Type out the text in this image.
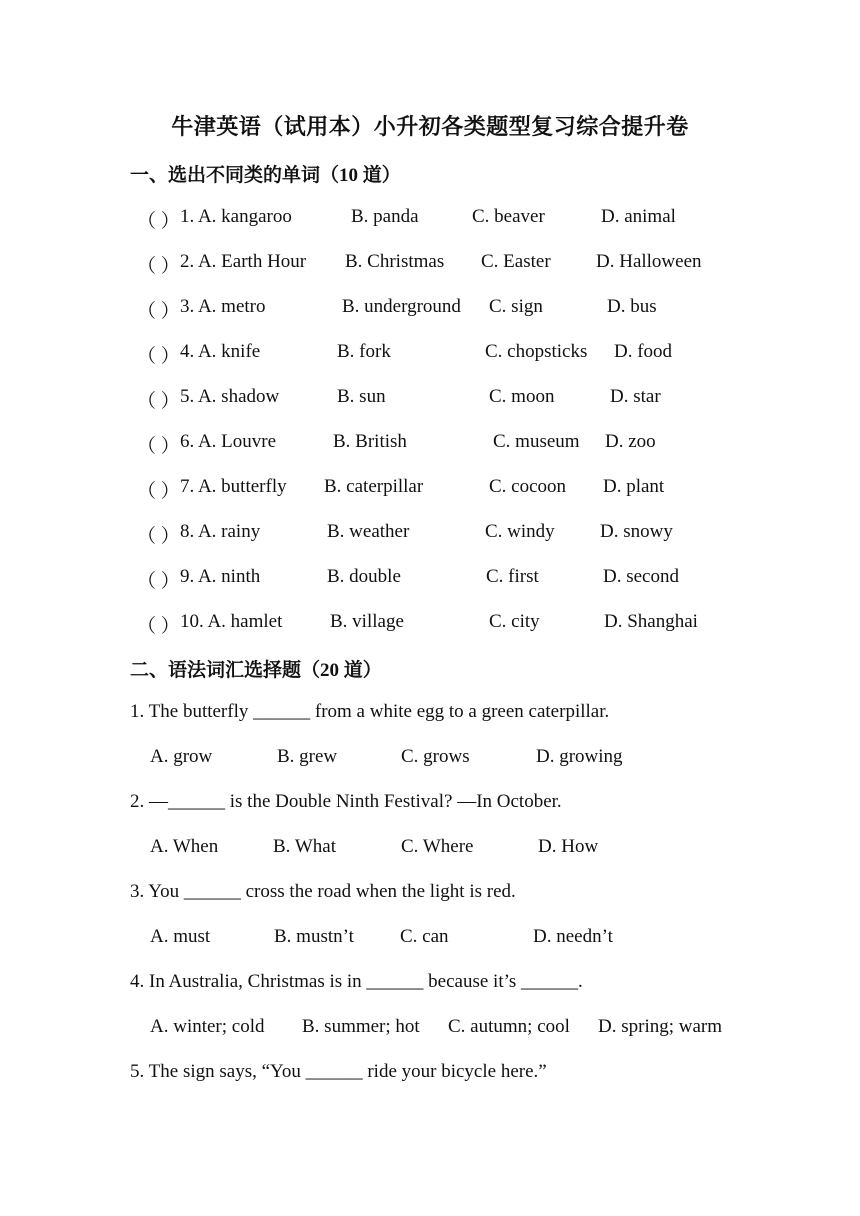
牛津英语（试用本）小升初各类题型复习综合提升卷
一、选出不同类的单词（10 道）
（ ） 1. A. kangaroo	B. panda	C. beaver	D. animal
（ ） 2. A. Earth Hour B. Christmas C. Easter D. Halloween
（ ） 3. A. metro	B. underground C. sign	D. bus
（ ） 4. A. knife	B. fork	C. chopsticks D. food
（ ） 5. A. shadow	B. sun	C. moon	D. star
（ ） 6. A. Louvre	B. British	C. museum D. zoo
（ ） 7. A. butterfly B. caterpillar	C. cocoon D. plant
（ ） 8. A. rainy	B. weather	C. windy D. snowy
（ ） 9. A. ninth	B. double	C. first	D. second
（ ） 10. A. hamlet	B. village	C. city	D. Shanghai
二、语法词汇选择题（20 道）
1. The butterfly ______ from a white egg to a green caterpillar.
A. grow	B. grew	C. grows	D. growing
2. —______ is the Double Ninth Festival? —In October.
A. When	B. What	C. Where	D. How
3. You ______ cross the road when the light is red.
A. must	B. mustn’t C. can	D. needn’t
4. In Australia, Christmas is in ______ because it’s ______.
A. winter; cold B. summer; hot C. autumn; cool D. spring; warm
5. The sign says, “You ______ ride your bicycle here.”
